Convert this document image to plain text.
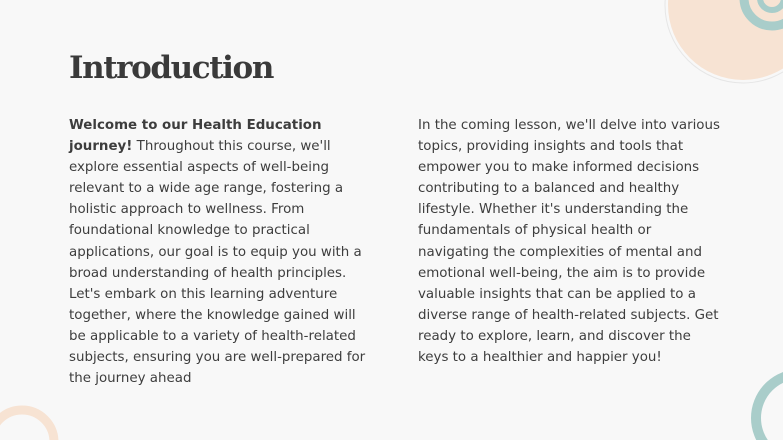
Introduction

Welcome to our Health Education journey! Throughout this course, we'll explore essential aspects of well-being relevant to a wide age range, fostering a holistic approach to wellness. From foundational knowledge to practical applications, our goal is to equip you with a broad understanding of health principles. Let's embark on this learning adventure together, where the knowledge gained will be applicable to a variety of health-related subjects, ensuring you are well-prepared for the journey ahead

In the coming lesson, we'll delve into various topics, providing insights and tools that empower you to make informed decisions contributing to a balanced and healthy lifestyle. Whether it's understanding the fundamentals of physical health or navigating the complexities of mental and emotional well-being, the aim is to provide valuable insights that can be applied to a diverse range of health-related subjects. Get ready to explore, learn, and discover the keys to a healthier and happier you!
